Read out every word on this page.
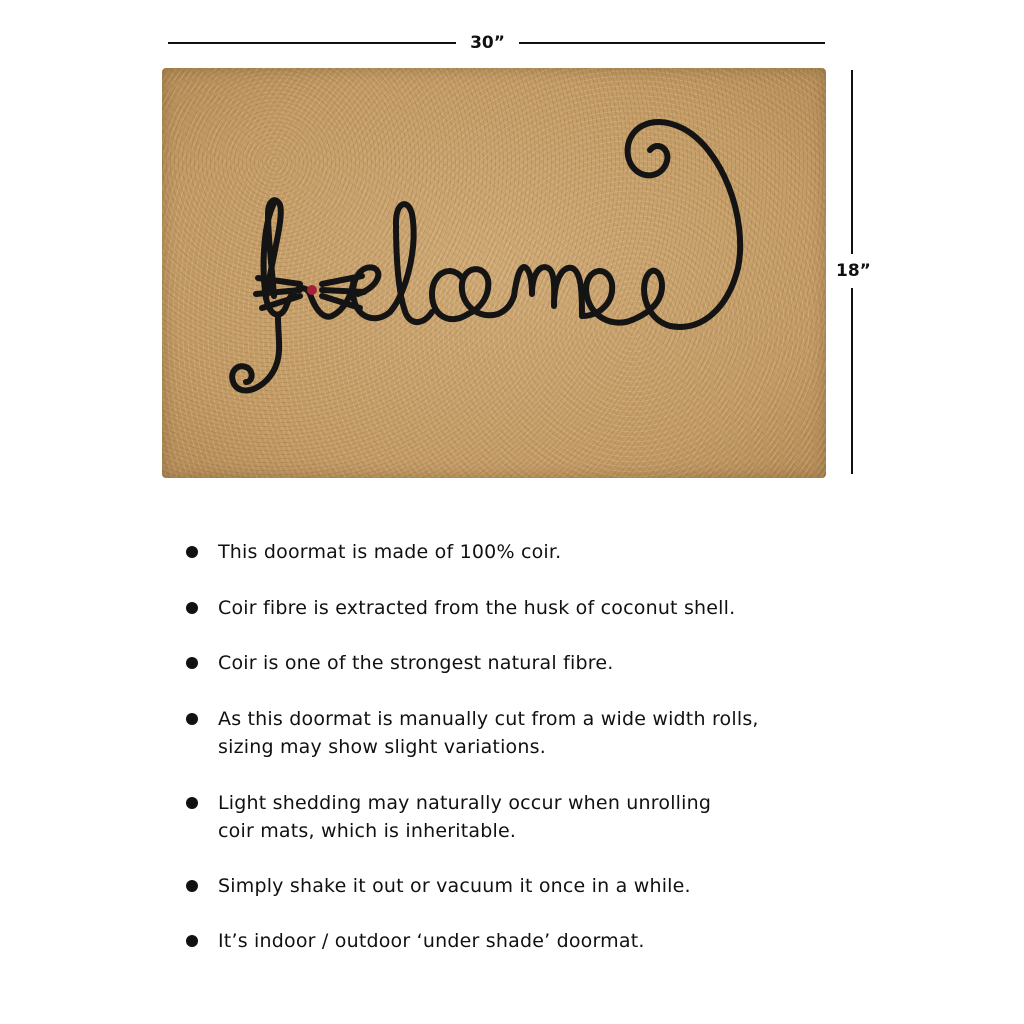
30”
18”
This doormat is made of 100% coir.
Coir fibre is extracted from the husk of coconut shell.
Coir is one of the strongest natural fibre.
As this doormat is manually cut from a wide width rolls,
sizing may show slight variations.
Light shedding may naturally occur when unrolling
coir mats, which is inheritable.
Simply shake it out or vacuum it once in a while.
It’s indoor / outdoor ‘under shade’ doormat.
